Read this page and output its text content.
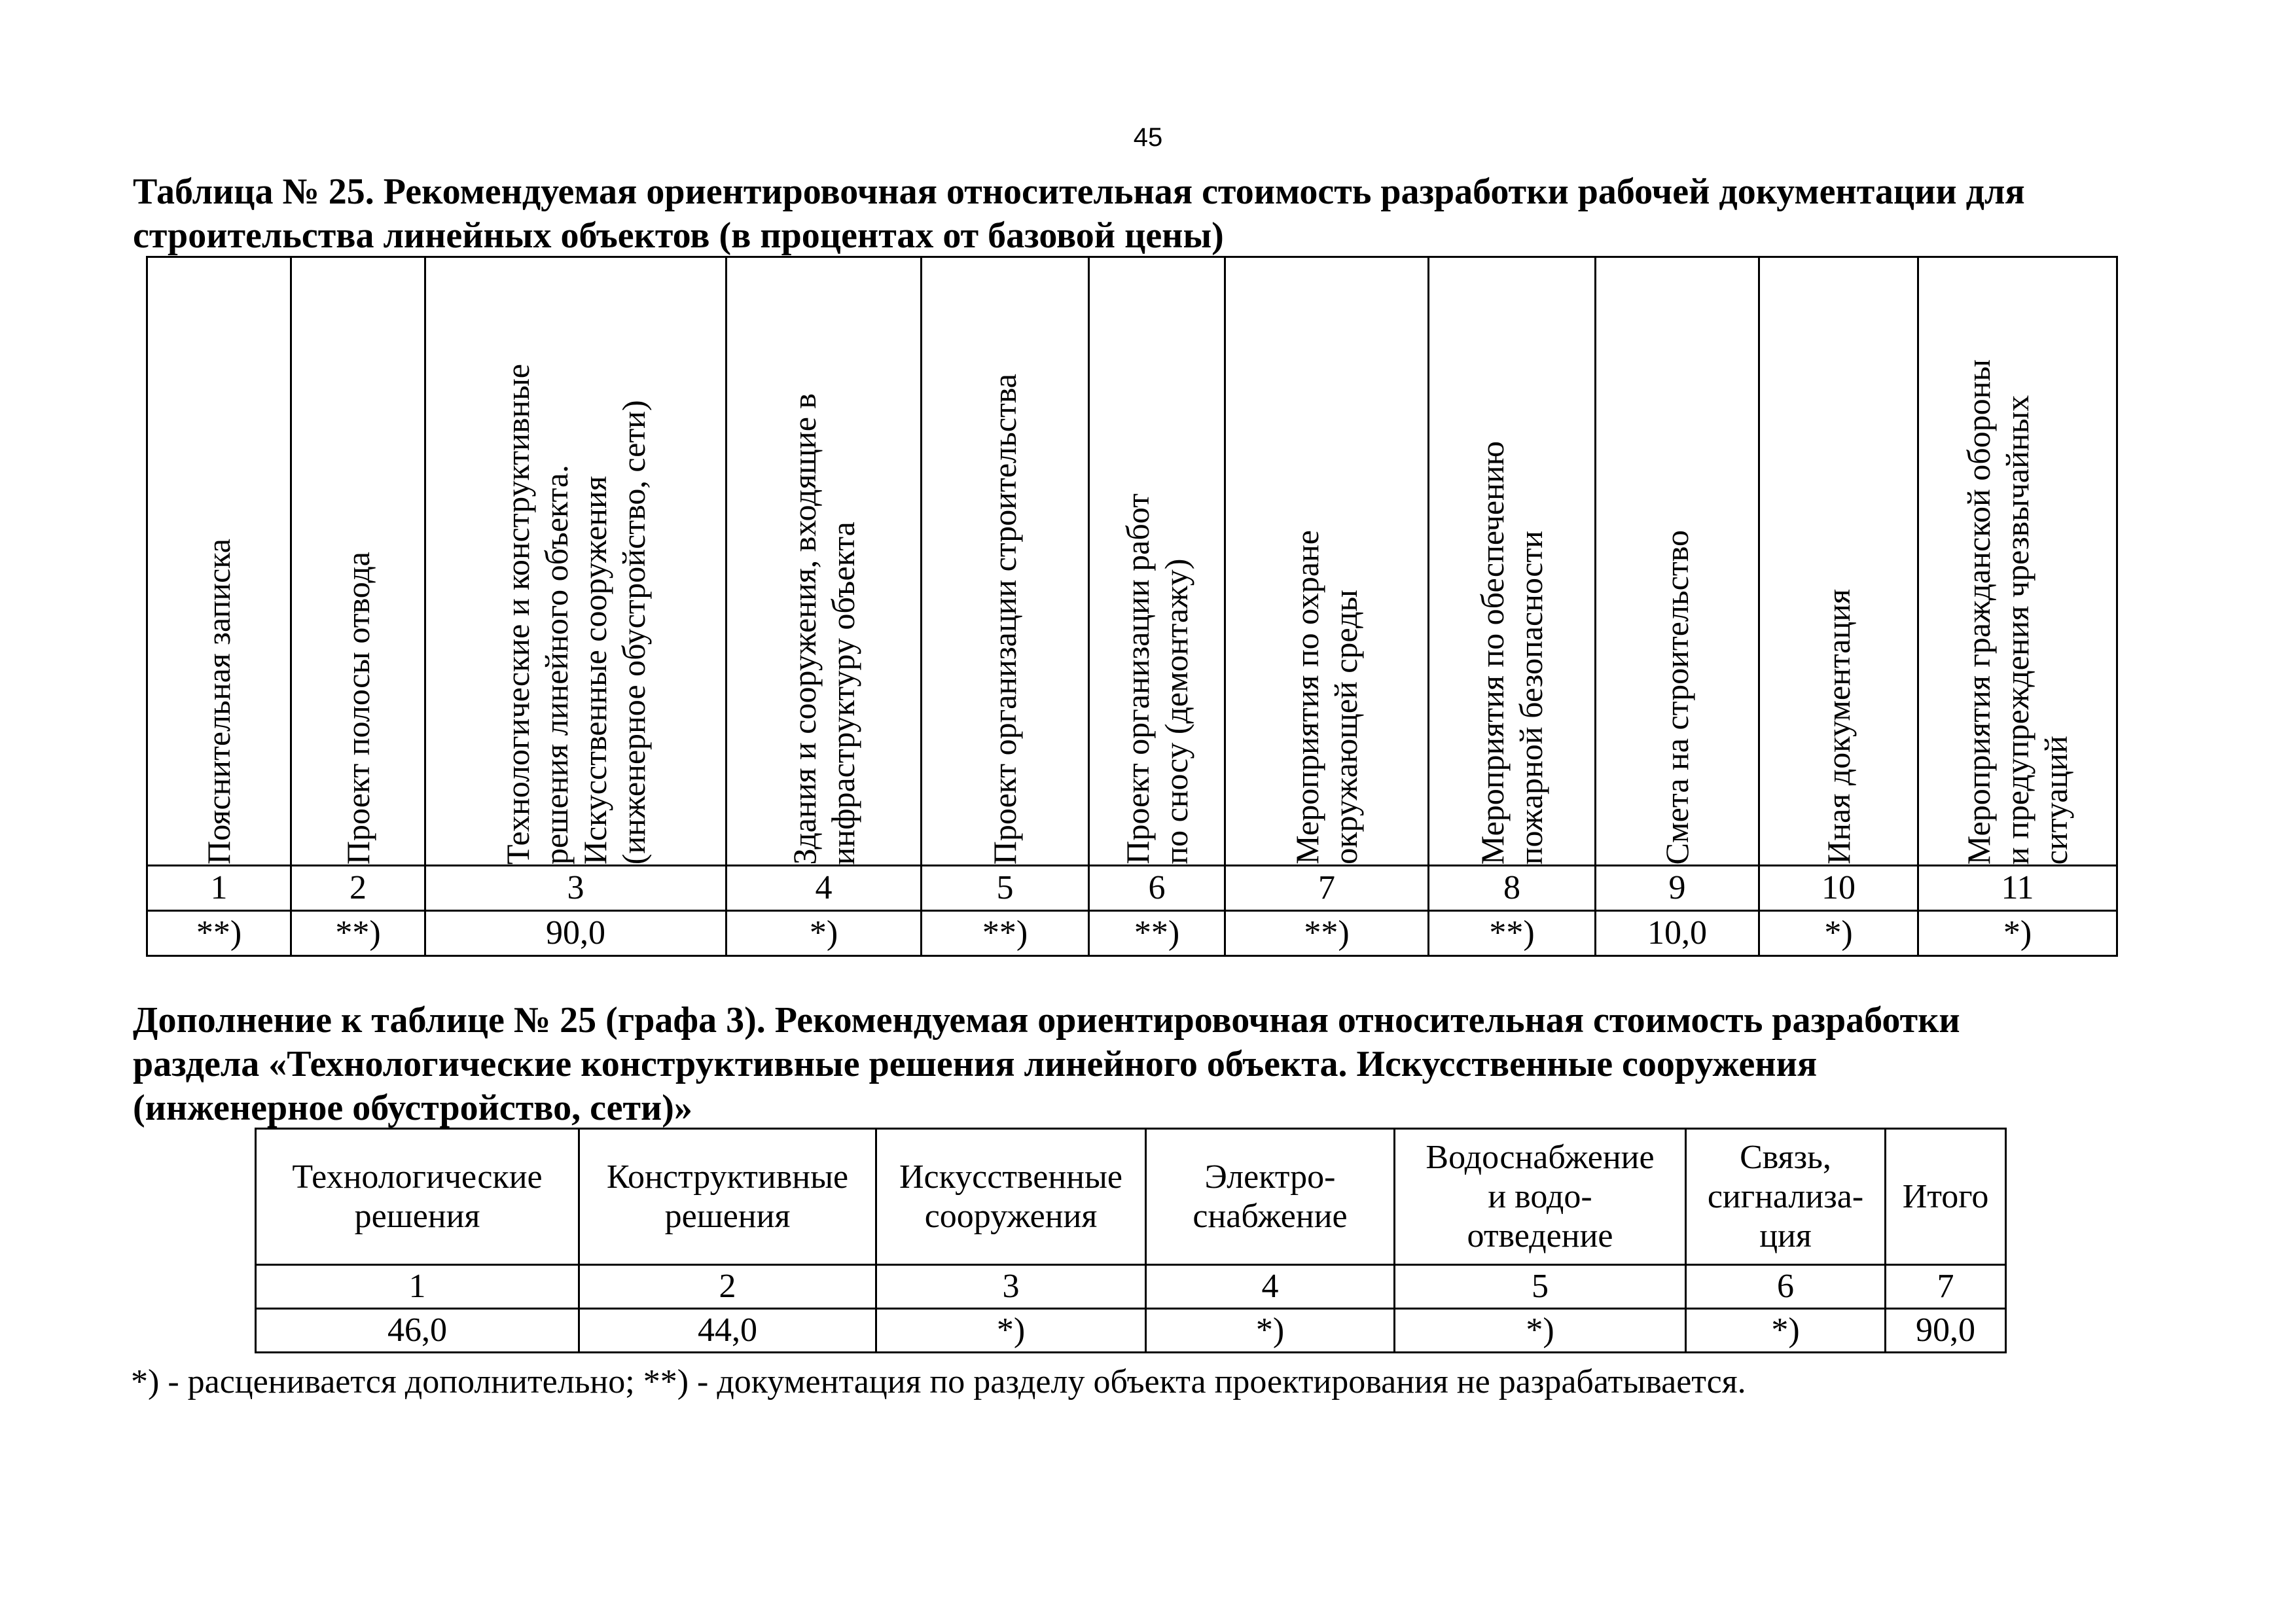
45
Таблица № 25. Рекомендуемая ориентировочная относительная стоимость разработки рабочей документации для
строительства линейных объектов (в процентах от базовой цены)
Пояснительная записка	Проект полосы отвода	Технологические и конструктивные
решения линейного объекта.
Искусственные сооружения
(инженерное обустройство, сети)	Здания и сооружения, входящие в
инфраструктуру объекта	Проект организации строительства	Проект организации работ
по сносу (демонтажу)	Мероприятия по охране
окружающей среды	Мероприятия по обеспечению
пожарной безопасности	Смета на строительство	Иная документация	Мероприятия гражданской обороны
и предупреждения чрезвычайных
ситуаций

1	2	3	4	5	6	7	8	9	10	11
**)	**)	90,0	*)	**)	**)	**)	**)	10,0	*)	*)
Дополнение к таблице № 25 (графа 3). Рекомендуемая ориентировочная относительная стоимость разработки
раздела «Технологические конструктивные решения линейного объекта. Искусственные сооружения
(инженерное обустройство, сети)»
Технологические
решения	Конструктивные
решения	Искусственные
сооружения	Электро-
снабжение	Водоснабжение
и водо-
отведение	Связь,
сигнализа-
ция	Итого
1	2	3	4	5	6	7
46,0	44,0	*)	*)	*)	*)	90,0
*) - расценивается дополнительно; **) - документация по разделу объекта проектирования не разрабатывается.
